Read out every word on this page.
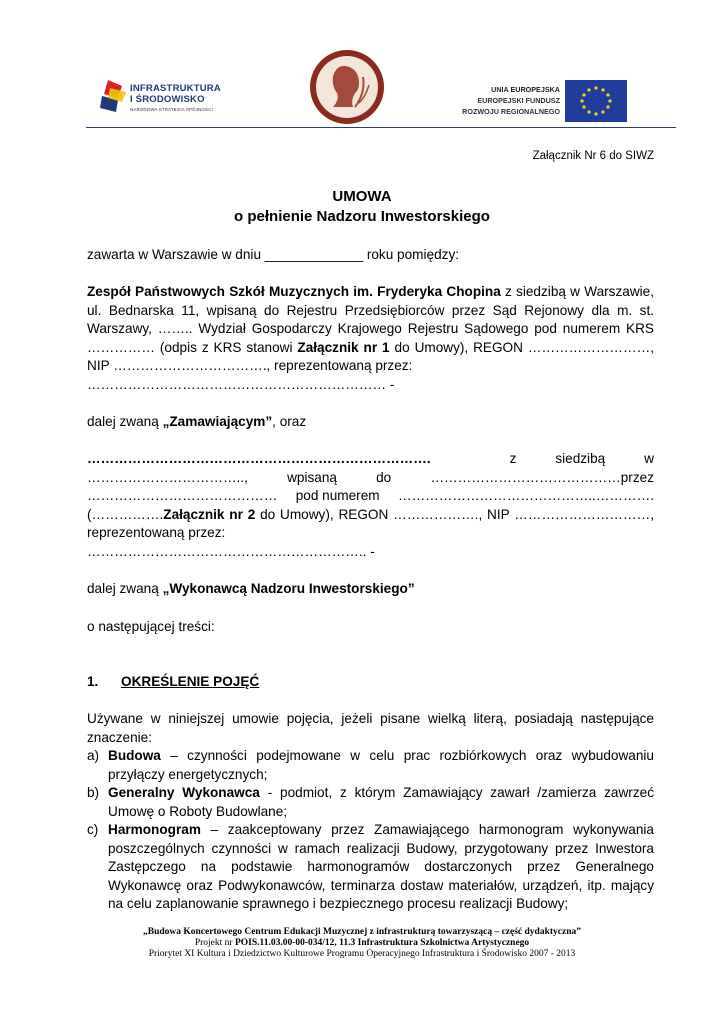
INFRASTRUKTURA
I ŚRODOWISKO
NARODOWA STRATEGIA SPÓJNOŚCI
UNIA EUROPEJSKA
EUROPEJSKI FUNDUSZ
ROZWOJU REGIONALNEGO
Załącznik Nr 6 do SIWZ
UMOWA
o pełnienie Nadzoru Inwestorskiego
zawarta w Warszawie w dniu _____________ roku pomiędzy:
Zespół Państwowych Szkół Muzycznych im. Fryderyka Chopina z siedzibą w Warszawie,
ul. Bednarska 11, wpisaną do Rejestru Przedsiębiorców przez Sąd Rejonowy dla m. st.
Warszawy, …….. Wydział Gospodarczy Krajowego Rejestru Sądowego pod numerem KRS
…………… (odpis z KRS stanowi Załącznik nr 1 do Umowy), REGON ………………………,
NIP ……………………………., reprezentowaną przez:
………………………………………………………… -
dalej zwaną „Zamawiającym”, oraz
………………………………………………………………….	z	siedzibą	w
……………………………..,	wpisaną	do	……………………………………przez
…………………………………… pod numerem ……………………………………..………….
(…………….Załącznik nr 2 do Umowy), REGON ………………., NIP …………………………,
reprezentowaną przez:
…………………………………………………….. -
dalej zwaną „Wykonawcą Nadzoru Inwestorskiego”
o następującej treści:
1. OKREŚLENIE POJĘĆ
Używane w niniejszej umowie pojęcia, jeżeli pisane wielką literą, posiadają następujące
znaczenie:
a) Budowa – czynności podejmowane w celu prac rozbiórkowych oraz wybudowaniu
przyłączy energetycznych;
b) Generalny Wykonawca - podmiot, z którym Zamawiający zawarł /zamierza zawrzeć
Umowę o Roboty Budowlane;
c) Harmonogram – zaakceptowany przez Zamawiającego harmonogram wykonywania
poszczególnych czynności w ramach realizacji Budowy, przygotowany przez Inwestora
Zastępczego na podstawie harmonogramów dostarczonych przez Generalnego
Wykonawcę oraz Podwykonawców, terminarza dostaw materiałów, urządzeń, itp. mający
na celu zaplanowanie sprawnego i bezpiecznego procesu realizacji Budowy;
„Budowa Koncertowego Centrum Edukacji Muzycznej z infrastrukturą towarzyszącą – część dydaktyczna”
Projekt nr POIS.11.03.00-00-034/12, 11.3 Infrastruktura Szkolnictwa Artystycznego
Priorytet XI Kultura i Dziedzictwo Kulturowe Programu Operacyjnego Infrastruktura i Środowisko 2007 - 2013
